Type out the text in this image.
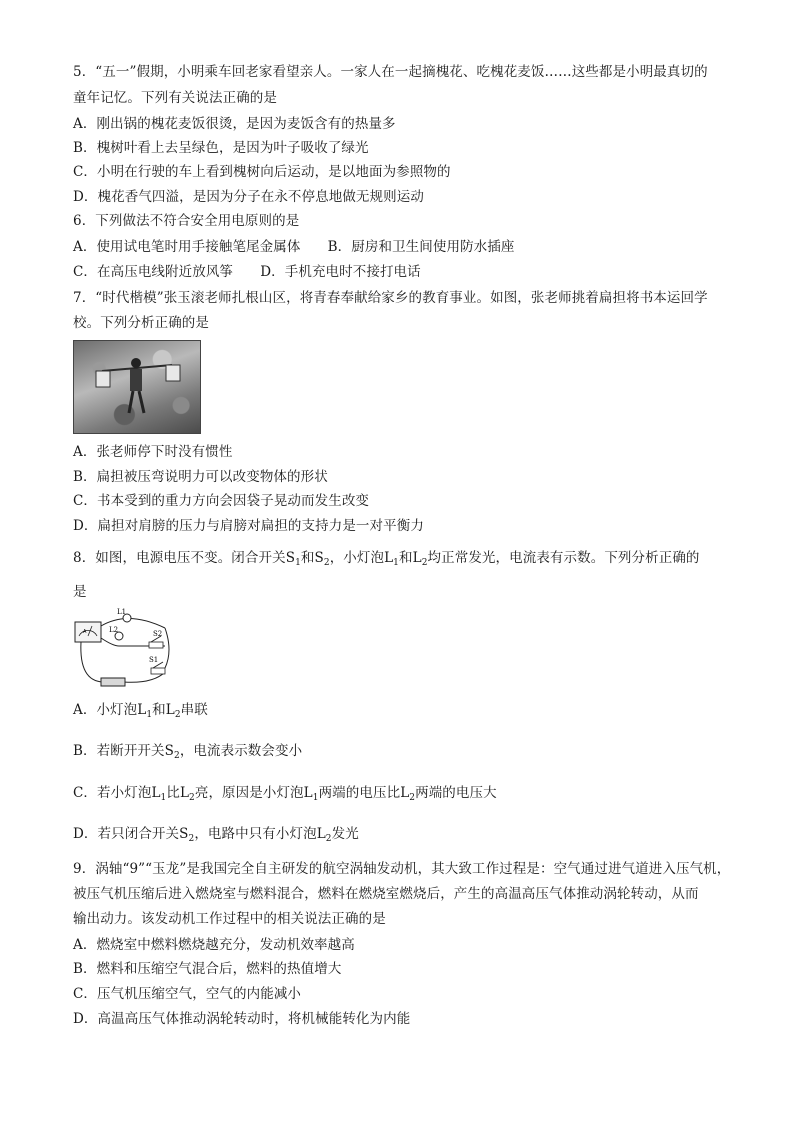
5．“五一”假期，小明乘车回老家看望亲人。一家人在一起摘槐花、吃槐花麦饭……这些都是小明最真切的
童年记忆。下列有关说法正确的是
A．刚出锅的槐花麦饭很烫，是因为麦饭含有的热量多
B．槐树叶看上去呈绿色，是因为叶子吸收了绿光
C．小明在行驶的车上看到槐树向后运动，是以地面为参照物的
D．槐花香气四溢，是因为分子在永不停息地做无规则运动
6．下列做法不符合安全用电原则的是
A．使用试电笔时用手接触笔尾金属体　　B．厨房和卫生间使用防水插座
C．在高压电线附近放风筝　　D．手机充电时不接打电话
7．“时代楷模”张玉滚老师扎根山区，将青春奉献给家乡的教育事业。如图，张老师挑着扁担将书本运回学
校。下列分析正确的是
A．张老师停下时没有惯性
B．扁担被压弯说明力可以改变物体的形状
C．书本受到的重力方向会因袋子晃动而发生改变
D．扁担对肩膀的压力与肩膀对扁担的支持力是一对平衡力
8．如图，电源电压不变。闭合开关$S_1$和$S_2$，小灯泡$L_1$和$L_2$均正常发光，电流表有示数。下列分析正确的
是
A
L1
L2	S2
S1
A．小灯泡$L_1$和$L_2$串联
B．若断开开关$S_2$，电流表示数会变小
C．若小灯泡$L_1$比$L_2$亮，原因是小灯泡$L_1$两端的电压比$L_2$两端的电压大
D．若只闭合开关$S_2$，电路中只有小灯泡$L_2$发光
9．涡轴“9”“玉龙”是我国完全自主研发的航空涡轴发动机，其大致工作过程是：空气通过进气道进入压气机，
被压气机压缩后进入燃烧室与燃料混合，燃料在燃烧室燃烧后，产生的高温高压气体推动涡轮转动，从而
输出动力。该发动机工作过程中的相关说法正确的是
A．燃烧室中燃料燃烧越充分，发动机效率越高
B．燃料和压缩空气混合后，燃料的热值增大
C．压气机压缩空气，空气的内能减小
D．高温高压气体推动涡轮转动时，将机械能转化为内能
